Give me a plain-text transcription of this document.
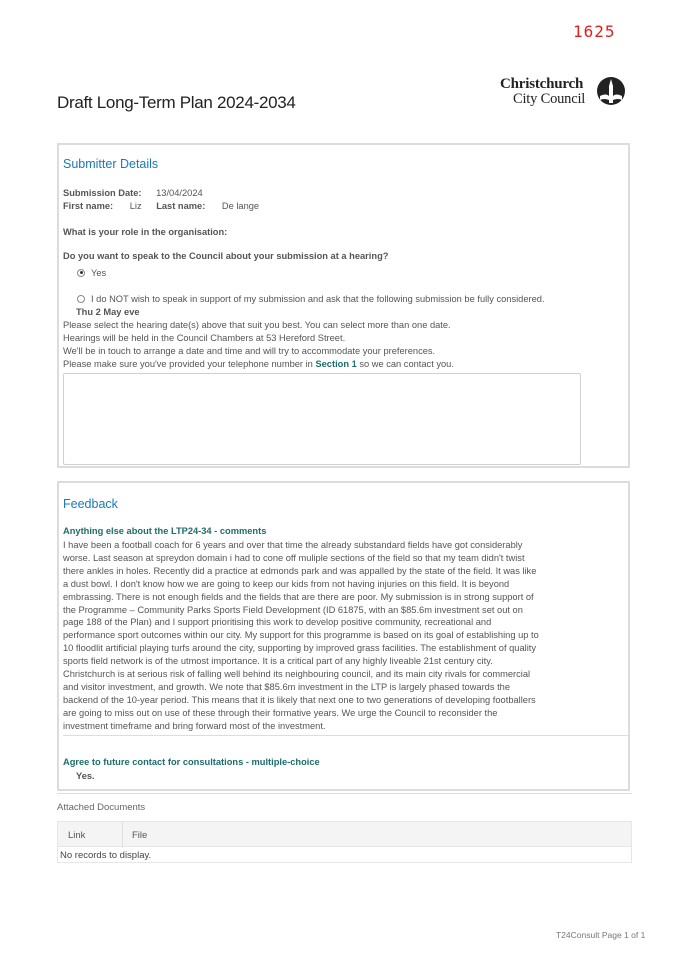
1625
Christchurch
City Council
Draft Long-Term Plan 2024-2034
Submitter Details
Submission Date: 13/04/2024
First name: Liz Last name: De lange
What is your role in the organisation:
Do you want to speak to the Council about your submission at a hearing?
Yes
I do NOT wish to speak in support of my submission and ask that the following submission be fully considered.
Thu 2 May eve
Please select the hearing date(s) above that suit you best. You can select more than one date.
Hearings will be held in the Council Chambers at 53 Hereford Street.
We'll be in touch to arrange a date and time and will try to accommodate your preferences.
Please make sure you've provided your telephone number in Section 1 so we can contact you.
Feedback
Anything else about the LTP24-34 - comments
I have been a football coach for 6 years and over that time the already substandard fields have got considerably
worse. Last season at spreydon domain i had to cone off muliple sections of the field so that my team didn't twist
there ankles in holes. Recently did a practice at edmonds park and was appalled by the state of the field. It was like
a dust bowl. I don't know how we are going to keep our kids from not having injuries on this field. It is beyond
embrassing. There is not enough fields and the fields that are there are poor. My submission is in strong support of
the Programme – Community Parks Sports Field Development (ID 61875, with an $85.6m investment set out on
page 188 of the Plan) and I support prioritising this work to develop positive community, recreational and
performance sport outcomes within our city. My support for this programme is based on its goal of establishing up to
10 floodlit artificial playing turfs around the city, supporting by improved grass facilities. The establishment of quality
sports field network is of the utmost importance. It is a critical part of any highly liveable 21st century city.
Christchurch is at serious risk of falling well behind its neighbouring council, and its main city rivals for commercial
and visitor investment, and growth. We note that $85.6m investment in the LTP is largely phased towards the
backend of the 10-year period. This means that it is likely that next one to two generations of developing footballers
are going to miss out on use of these through their formative years. We urge the Council to reconsider the
investment timeframe and bring forward most of the investment.
Agree to future contact for consultations - multiple-choice
Yes.
Attached Documents
Link	File
No records to display.
T24Consult Page 1 of 1
